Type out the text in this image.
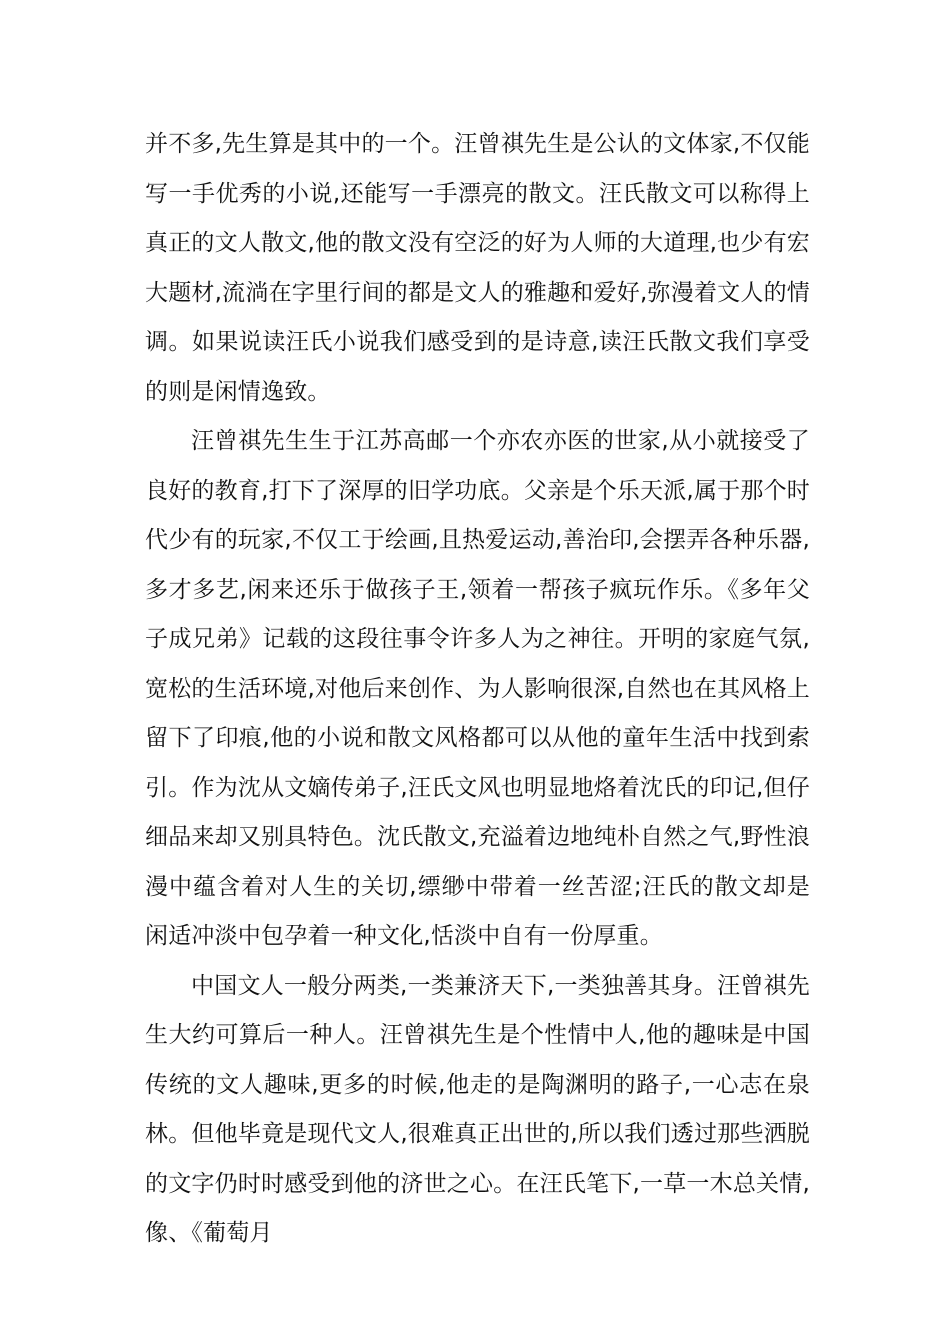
并不多,先生算是其中的一个。汪曾祺先生是公认的文体家,不仅能写一手优秀的小说,还能写一手漂亮的散文。汪氏散文可以称得上真正的文人散文,他的散文没有空泛的好为人师的大道理,也少有宏大题材,流淌在字里行间的都是文人的雅趣和爱好,弥漫着文人的情调。如果说读汪氏小说我们感受到的是诗意,读汪氏散文我们享受的则是闲情逸致。

汪曾祺先生生于江苏高邮一个亦农亦医的世家,从小就接受了良好的教育,打下了深厚的旧学功底。父亲是个乐天派,属于那个时代少有的玩家,不仅工于绘画,且热爱运动,善治印,会摆弄各种乐器,多才多艺,闲来还乐于做孩子王,领着一帮孩子疯玩作乐。《多年父子成兄弟》记载的这段往事令许多人为之神往。开明的家庭气氛,宽松的生活环境,对他后来创作、为人影响很深,自然也在其风格上留下了印痕,他的小说和散文风格都可以从他的童年生活中找到索引。作为沈从文嫡传弟子,汪氏文风也明显地烙着沈氏的印记,但仔细品来却又别具特色。沈氏散文,充溢着边地纯朴自然之气,野性浪漫中蕴含着对人生的关切,缥缈中带着一丝苦涩;汪氏的散文却是闲适冲淡中包孕着一种文化,恬淡中自有一份厚重。

中国文人一般分两类,一类兼济天下,一类独善其身。汪曾祺先生大约可算后一种人。汪曾祺先生是个性情中人,他的趣味是中国传统的文人趣味,更多的时候,他走的是陶渊明的路子,一心志在泉林。但他毕竟是现代文人,很难真正出世的,所以我们透过那些洒脱的文字仍时时感受到他的济世之心。在汪氏笔下,一草一木总关情,像、《葡萄月
